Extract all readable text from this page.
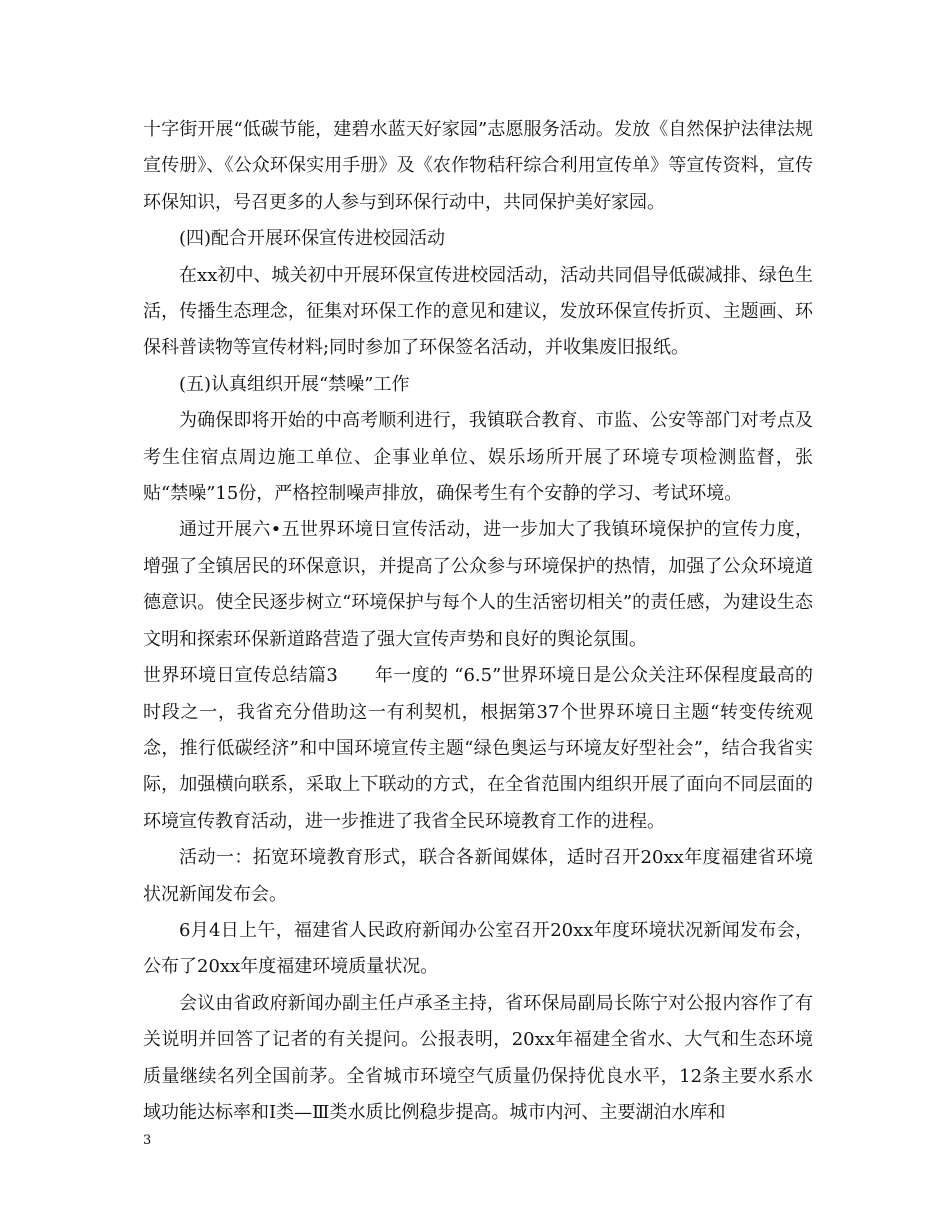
十字街开展“低碳节能，建碧水蓝天好家园”志愿服务活动。发放《自然保护法律法规宣传册》、《公众环保实用手册》及《农作物秸秆综合利用宣传单》等宣传资料，宣传环保知识，号召更多的人参与到环保行动中，共同保护美好家园。

(四)配合开展环保宣传进校园活动

在xx初中、城关初中开展环保宣传进校园活动，活动共同倡导低碳减排、绿色生活，传播生态理念，征集对环保工作的意见和建议，发放环保宣传折页、主题画、环保科普读物等宣传材料;同时参加了环保签名活动，并收集废旧报纸。

(五)认真组织开展“禁噪”工作

为确保即将开始的中高考顺利进行，我镇联合教育、市监、公安等部门对考点及考生住宿点周边施工单位、企事业单位、娱乐场所开展了环境专项检测监督，张贴“禁噪”15份，严格控制噪声排放，确保考生有个安静的学习、考试环境。

通过开展六•五世界环境日宣传活动，进一步加大了我镇环境保护的宣传力度，增强了全镇居民的环保意识，并提高了公众参与环境保护的热情，加强了公众环境道德意识。使全民逐步树立“环境保护与每个人的生活密切相关”的责任感，为建设生态文明和探索环保新道路营造了强大宣传声势和良好的舆论氛围。

世界环境日宣传总结篇3　　年一度的 “6.5”世界环境日是公众关注环保程度最高的时段之一，我省充分借助这一有利契机，根据第37个世界环境日主题“转变传统观念，推行低碳经济”和中国环境宣传主题“绿色奥运与环境友好型社会”，结合我省实际，加强横向联系，采取上下联动的方式，在全省范围内组织开展了面向不同层面的环境宣传教育活动，进一步推进了我省全民环境教育工作的进程。

活动一：拓宽环境教育形式，联合各新闻媒体，适时召开20xx年度福建省环境状况新闻发布会。

6月4日上午，福建省人民政府新闻办公室召开20xx年度环境状况新闻发布会，公布了20xx年度福建环境质量状况。

会议由省政府新闻办副主任卢承圣主持，省环保局副局长陈宁对公报内容作了有关说明并回答了记者的有关提问。公报表明，20xx年福建全省水、大气和生态环境质量继续名列全国前茅。全省城市环境空气质量仍保持优良水平，12条主要水系水域功能达标率和Ⅰ类—Ⅲ类水质比例稳步提高。城市内河、主要湖泊水库和

3
